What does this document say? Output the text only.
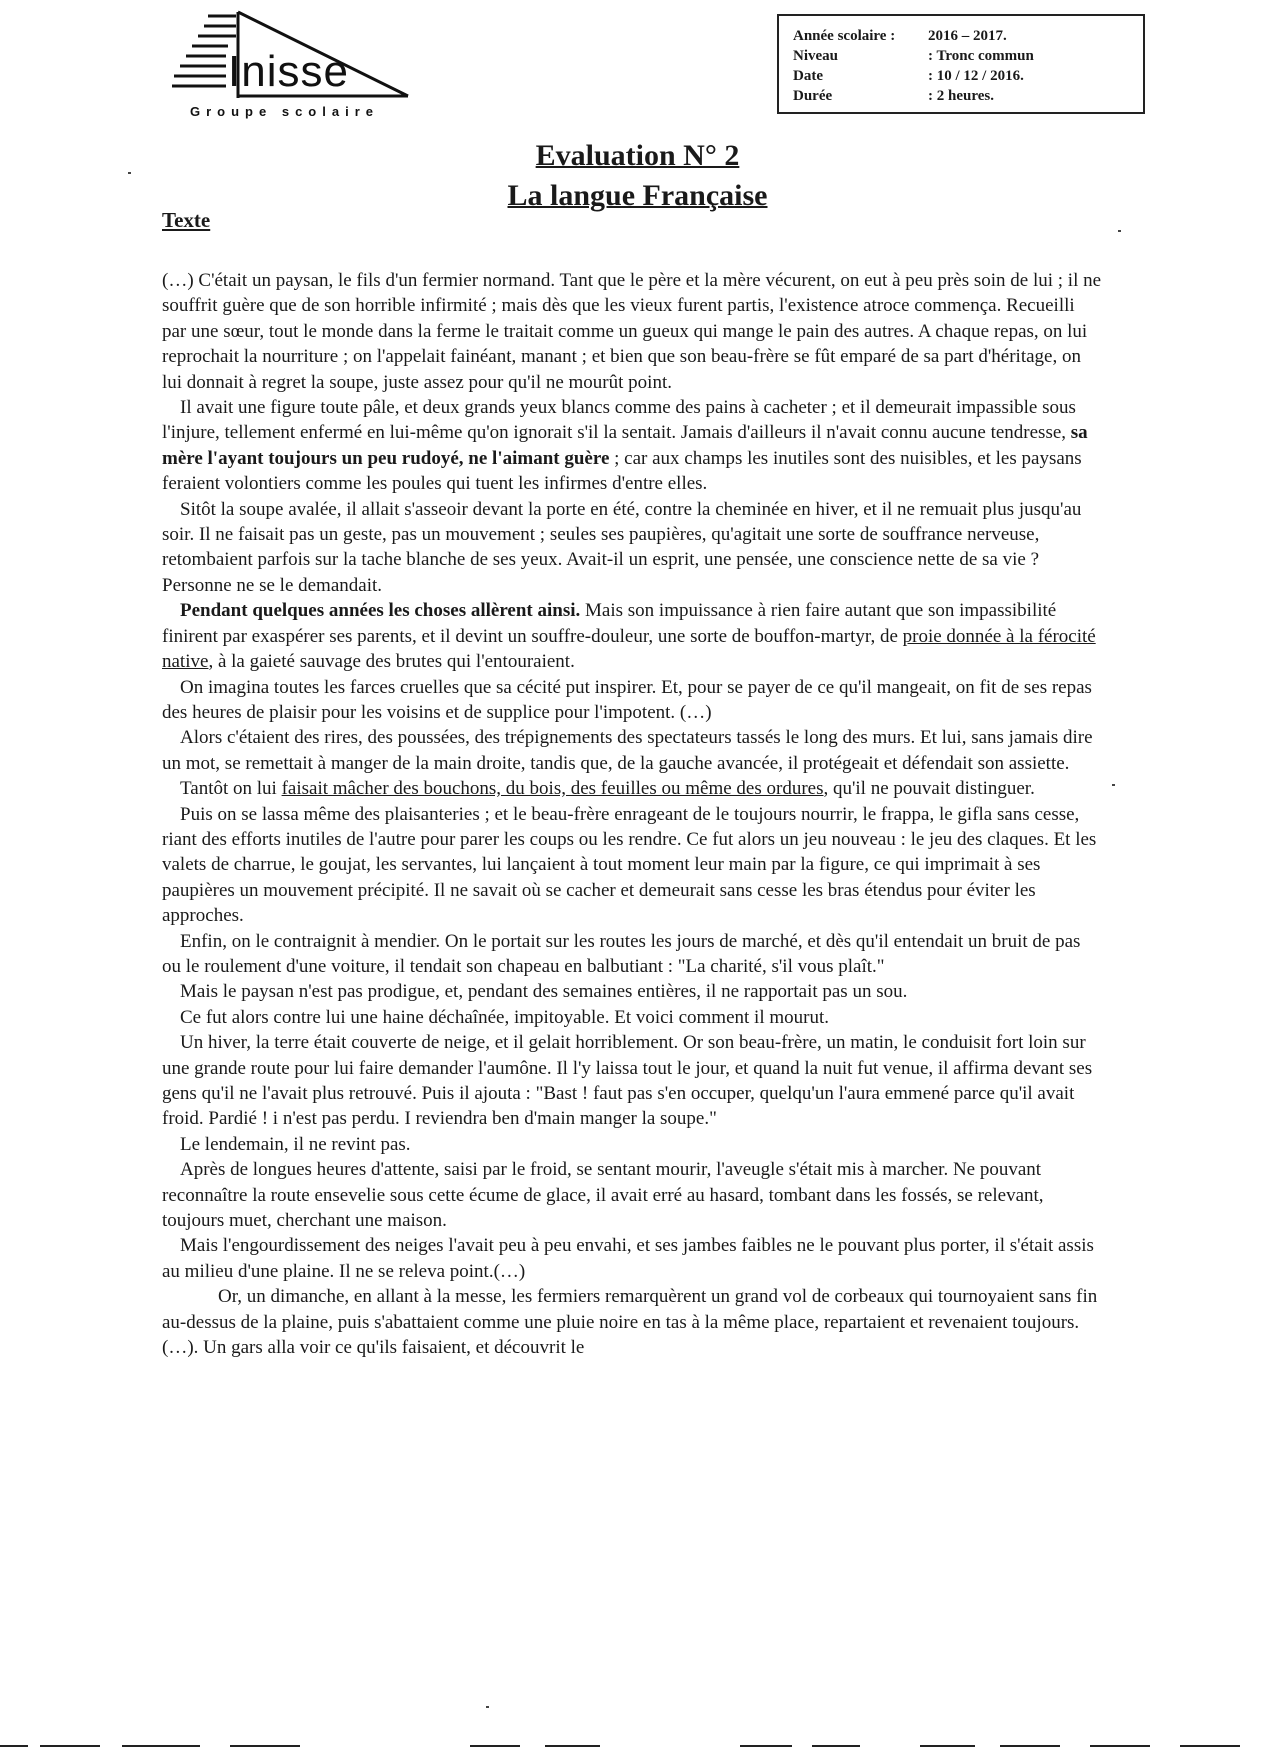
Inisse
Groupe scolaire
Année scolaire :	2016 – 2017.
Niveau	: Tronc commun
Date	: 10 / 12 / 2016.
Durée	: 2 heures.
Evaluation N° 2
La langue Française
Texte

(…) C'était un paysan, le fils d'un fermier normand. Tant que le père et la mère vécurent, on eut à peu près soin de lui ; il ne souffrit guère que de son horrible infirmité ; mais dès que les vieux furent partis, l'existence atroce commença. Recueilli par une sœur, tout le monde dans la ferme le traitait comme un gueux qui mange le pain des autres. A chaque repas, on lui reprochait la nourriture ; on l'appelait fainéant, manant ; et bien que son beau-frère se fût emparé de sa part d'héritage, on lui donnait à regret la soupe, juste assez pour qu'il ne mourût point.

Il avait une figure toute pâle, et deux grands yeux blancs comme des pains à cacheter ; et il demeurait impassible sous l'injure, tellement enfermé en lui-même qu'on ignorait s'il la sentait. Jamais d'ailleurs il n'avait connu aucune tendresse, sa mère l'ayant toujours un peu rudoyé, ne l'aimant guère ; car aux champs les inutiles sont des nuisibles, et les paysans feraient volontiers comme les poules qui tuent les infirmes d'entre elles.

Sitôt la soupe avalée, il allait s'asseoir devant la porte en été, contre la cheminée en hiver, et il ne remuait plus jusqu'au soir. Il ne faisait pas un geste, pas un mouvement ; seules ses paupières, qu'agitait une sorte de souffrance nerveuse, retombaient parfois sur la tache blanche de ses yeux. Avait-il un esprit, une pensée, une conscience nette de sa vie ? Personne ne se le demandait.

Pendant quelques années les choses allèrent ainsi. Mais son impuissance à rien faire autant que son impassibilité finirent par exaspérer ses parents, et il devint un souffre-douleur, une sorte de bouffon-martyr, de proie donnée à la férocité native, à la gaieté sauvage des brutes qui l'entouraient.

On imagina toutes les farces cruelles que sa cécité put inspirer. Et, pour se payer de ce qu'il mangeait, on fit de ses repas des heures de plaisir pour les voisins et de supplice pour l'impotent. (…)

Alors c'étaient des rires, des poussées, des trépignements des spectateurs tassés le long des murs. Et lui, sans jamais dire un mot, se remettait à manger de la main droite, tandis que, de la gauche avancée, il protégeait et défendait son assiette.

Tantôt on lui faisait mâcher des bouchons, du bois, des feuilles ou même des ordures, qu'il ne pouvait distinguer.

Puis on se lassa même des plaisanteries ; et le beau-frère enrageant de le toujours nourrir, le frappa, le gifla sans cesse, riant des efforts inutiles de l'autre pour parer les coups ou les rendre. Ce fut alors un jeu nouveau : le jeu des claques. Et les valets de charrue, le goujat, les servantes, lui lançaient à tout moment leur main par la figure, ce qui imprimait à ses paupières un mouvement précipité. Il ne savait où se cacher et demeurait sans cesse les bras étendus pour éviter les approches.

Enfin, on le contraignit à mendier. On le portait sur les routes les jours de marché, et dès qu'il entendait un bruit de pas ou le roulement d'une voiture, il tendait son chapeau en balbutiant : "La charité, s'il vous plaît."

Mais le paysan n'est pas prodigue, et, pendant des semaines entières, il ne rapportait pas un sou.

Ce fut alors contre lui une haine déchaînée, impitoyable. Et voici comment il mourut.

Un hiver, la terre était couverte de neige, et il gelait horriblement. Or son beau-frère, un matin, le conduisit fort loin sur une grande route pour lui faire demander l'aumône. Il l'y laissa tout le jour, et quand la nuit fut venue, il affirma devant ses gens qu'il ne l'avait plus retrouvé. Puis il ajouta : "Bast ! faut pas s'en occuper, quelqu'un l'aura emmené parce qu'il avait froid. Pardié ! i n'est pas perdu. I reviendra ben d'main manger la soupe."

Le lendemain, il ne revint pas.

Après de longues heures d'attente, saisi par le froid, se sentant mourir, l'aveugle s'était mis à marcher. Ne pouvant reconnaître la route ensevelie sous cette écume de glace, il avait erré au hasard, tombant dans les fossés, se relevant, toujours muet, cherchant une maison.

Mais l'engourdissement des neiges l'avait peu à peu envahi, et ses jambes faibles ne le pouvant plus porter, il s'était assis au milieu d'une plaine. Il ne se releva point.(…)

Or, un dimanche, en allant à la messe, les fermiers remarquèrent un grand vol de corbeaux qui tournoyaient sans fin au-dessus de la plaine, puis s'abattaient comme une pluie noire en tas à la même place, repartaient et revenaient toujours. (…). Un gars alla voir ce qu'ils faisaient, et découvrit le
